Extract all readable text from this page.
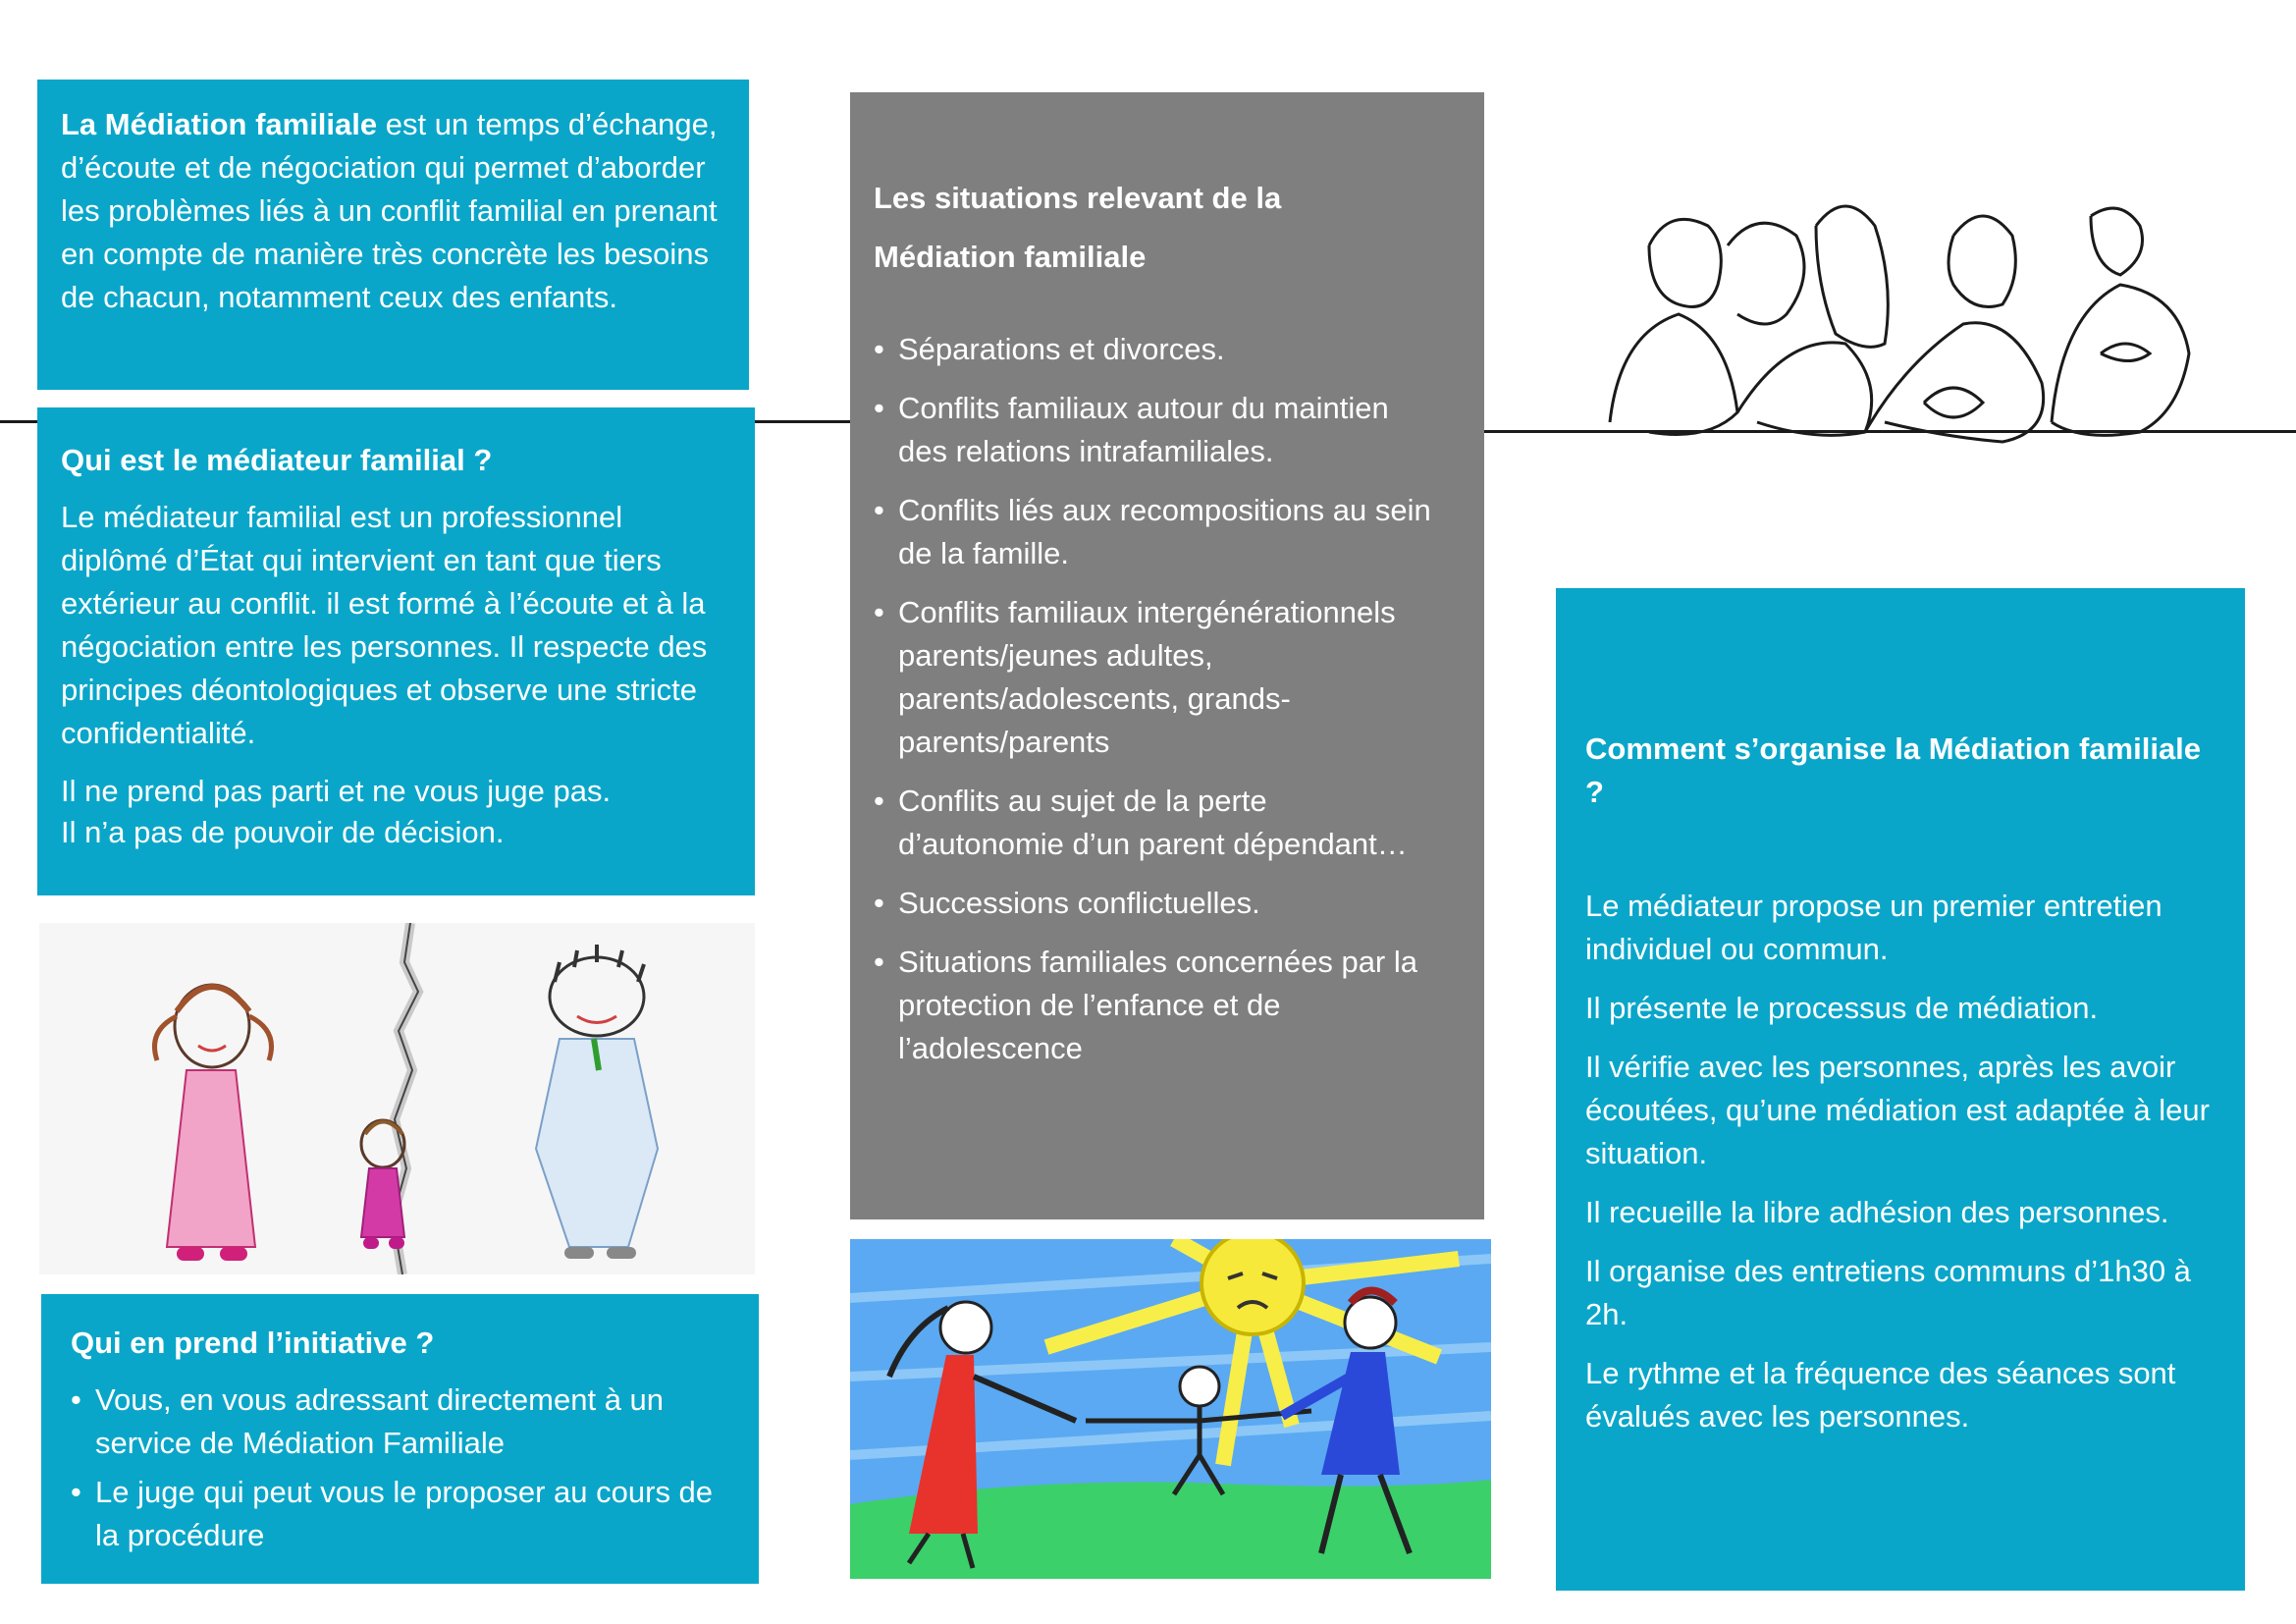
La Médiation familiale est un temps d’échange, d’écoute et de négociation qui permet d’aborder les problèmes liés à un conflit familial en prenant en compte de manière très concrète les besoins de chacun, notamment ceux des enfants.

Qui est le médiateur familial ?

Le médiateur familial est un professionnel diplômé d’État qui intervient en tant que tiers extérieur au conflit. il est formé à l’écoute et à la négociation entre les personnes. Il respecte des principes déontologiques et observe une stricte confidentialité.

Il ne prend pas parti et ne vous juge pas.

Il n’a pas de pouvoir de décision.

Qui en prend l’initiative ?

• Vous, en vous adressant directement à un service de Médiation Familiale
• Le juge qui peut vous le proposer au cours de la procédure

Les situations relevant de la

Médiation familiale

• Séparations et divorces.
• Conflits familiaux autour du maintien des relations intrafamiliales.
• Conflits liés aux recompositions au sein de la famille.
• Conflits familiaux intergénérationnels parents/jeunes adultes, parents/adolescents, grands-parents/parents
• Conflits au sujet de la perte d’autonomie d’un parent dépendant…
• Successions conflictuelles.
• Situations familiales concernées par la protection de l’enfance et de l’adolescence

Comment s’organise la Médiation familiale ?

Le médiateur propose un premier entretien individuel ou commun.

Il présente le processus de médiation.

Il vérifie avec les personnes, après les avoir écoutées, qu’une médiation est adaptée à leur situation.

Il recueille la libre adhésion des personnes.

Il organise des entretiens communs d’1h30 à 2h.

Le rythme et la fréquence des séances sont évalués avec les personnes.
